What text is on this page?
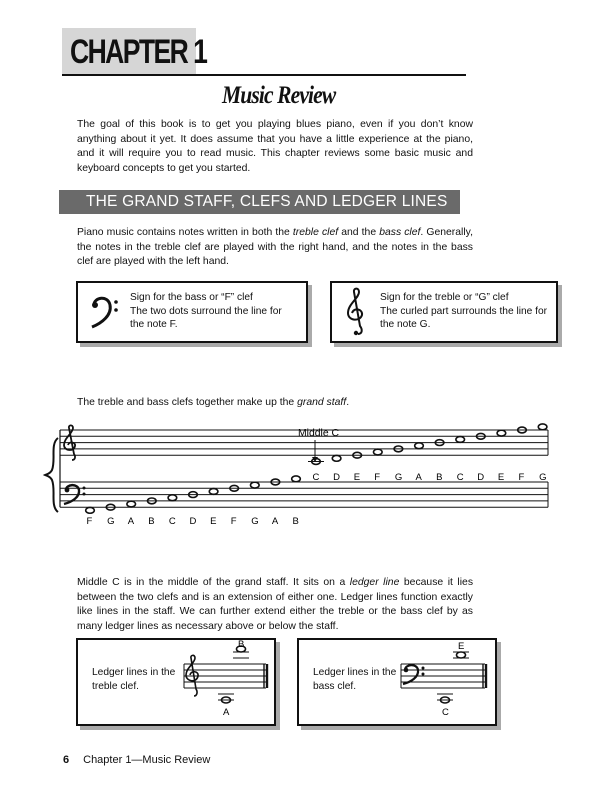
CHAPTER 1
Music Review
The goal of this book is to get you playing blues piano, even if you don’t know anything about it yet. It does assume that you have a little experience at the piano, and it will require you to read music. This chapter reviews some basic music and keyboard concepts to get you started.
THE GRAND STAFF, CLEFS AND LEDGER LINES
Piano music contains notes written in both the treble clef and the bass clef. Generally, the notes in the treble clef are played with the right hand, and the notes in the bass clef are played with the left hand.
Sign for the bass or “F” clef
The two dots surround the line for
the note F.
Sign for the treble or “G” clef
The curled part surrounds the line for
the note G.
The treble and bass clefs together make up the grand staff.
Middle C
C D E F G A B C D E F G
F G A B C D E F G A B
Middle C is in the middle of the grand staff. It sits on a ledger line because it lies between the two clefs and is an extension of either one. Ledger lines function exactly like lines in the staff. We can further extend either the treble or the bass clef by as many ledger lines as necessary above or below the staff.
Ledger lines in the
treble clef.
B
A
Ledger lines in the
bass clef.
E
C
6 Chapter 1—Music Review
